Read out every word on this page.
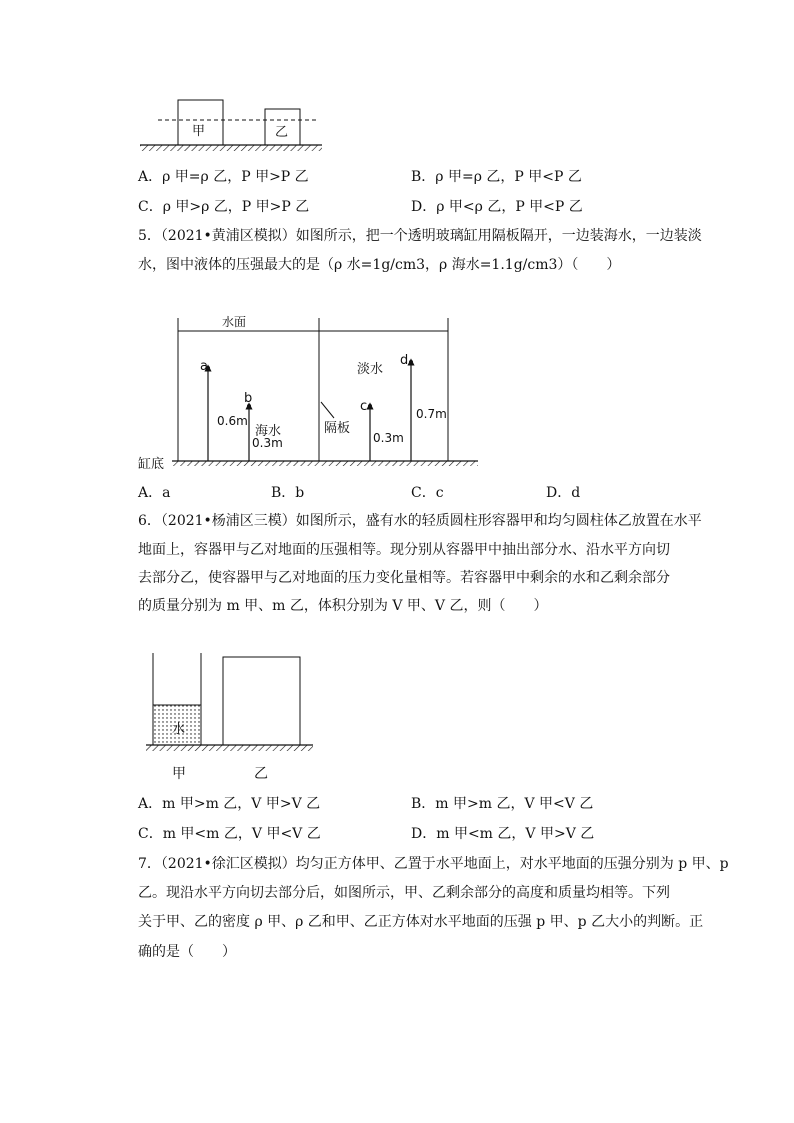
甲	乙
A．ρ 甲=ρ 乙，P 甲>P 乙	B．ρ 甲=ρ 乙，P 甲<P 乙
C．ρ 甲>ρ 乙，P 甲>P 乙	D．ρ 甲<ρ 乙，P 甲<P 乙
5．（2021•黄浦区模拟）如图所示，把一个透明玻璃缸用隔板隔开，一边装海水，一边装淡
水，图中液体的压强最大的是（ρ 水=1g/cm3，ρ 海水=1.1g/cm3）（　　）
水面
淡水
海水	隔板
缸底
a
b
c
d
0.6m
0.3m	0.3m
0.7m
A．a	B．b	C．c	D．d
6．（2021•杨浦区三模）如图所示，盛有水的轻质圆柱形容器甲和均匀圆柱体乙放置在水平
地面上，容器甲与乙对地面的压强相等。现分别从容器甲中抽出部分水、沿水平方向切
去部分乙，使容器甲与乙对地面的压力变化量相等。若容器甲中剩余的水和乙剩余部分
的质量分别为 m 甲、m 乙，体积分别为 V 甲、V 乙，则（　　）
水
甲	乙
A．m 甲>m 乙，V 甲>V 乙	B．m 甲>m 乙，V 甲<V 乙
C．m 甲<m 乙，V 甲<V 乙	D．m 甲<m 乙，V 甲>V 乙
7．（2021•徐汇区模拟）均匀正方体甲、乙置于水平地面上，对水平地面的压强分别为 p 甲、p
乙。现沿水平方向切去部分后，如图所示，甲、乙剩余部分的高度和质量均相等。下列
关于甲、乙的密度 ρ 甲、ρ 乙和甲、乙正方体对水平地面的压强 p 甲、p 乙大小的判断。正
确的是（　　）
